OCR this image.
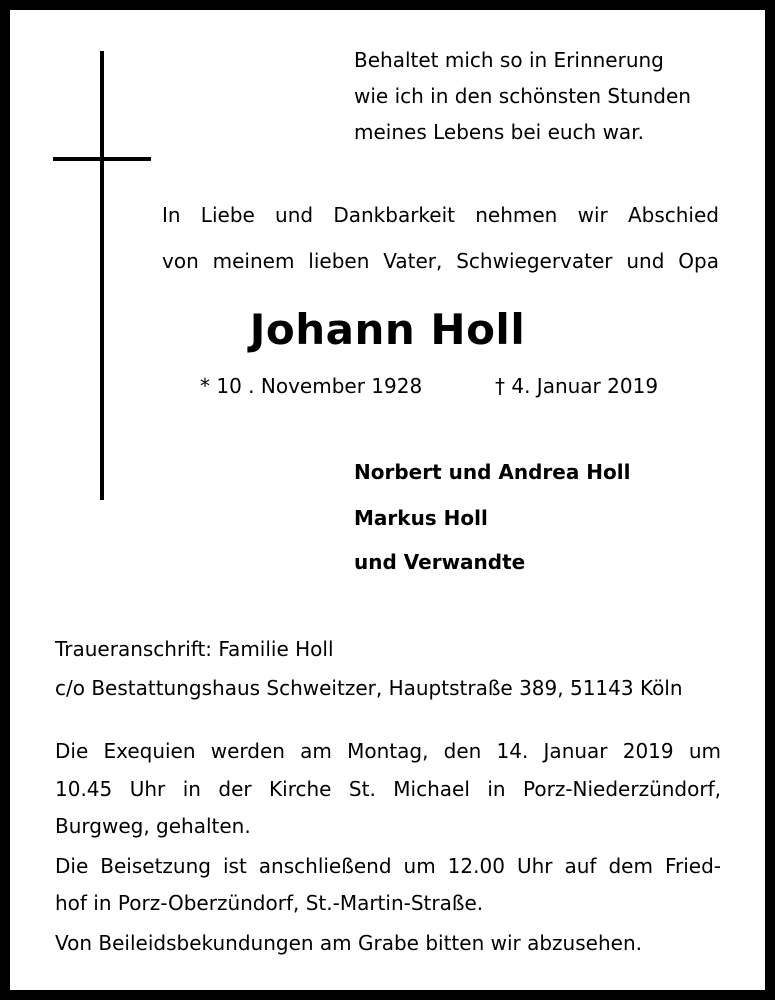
Behaltet mich so in Erinnerung
wie ich in den schönsten Stunden
meines Lebens bei euch war.
In Liebe und Dankbarkeit nehmen wir Abschied
von meinem lieben Vater, Schwiegervater und Opa
Johann Holl
* 10 . November 1928	† 4. Januar 2019
Norbert und Andrea Holl
Markus Holl
und Verwandte
Traueranschrift: Familie Holl
c/o Bestattungshaus Schweitzer, Hauptstraße 389, 51143 Köln
Die Exequien werden am Montag, den 14. Januar 2019 um
10.45 Uhr in der Kirche St. Michael in Porz-Niederzündorf,
Burgweg, gehalten.
Die Beisetzung ist anschließend um 12.00 Uhr auf dem Fried-
hof in Porz-Oberzündorf, St.-Martin-Straße.
Von Beileidsbekundungen am Grabe bitten wir abzusehen.
